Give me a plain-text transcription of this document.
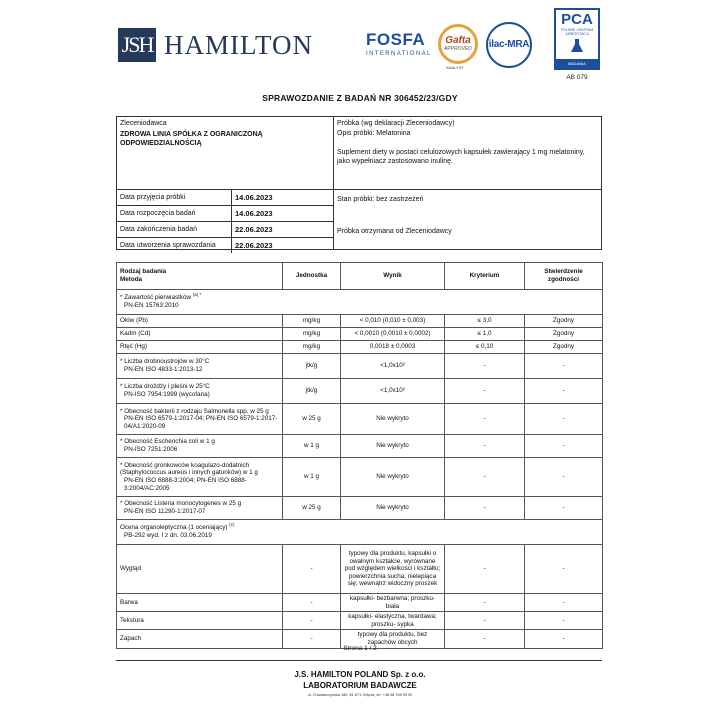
JSH HAMILTON	FOSFA
INTERNATIONAL
Gafta
APPROVED
ANALYST
ilac-MRA
PCA
POLSKIE CENTRUM AKREDYTACJI
BADANIA
AB 079
SPRAWOZDANIE Z BADAŃ NR 306452/23/GDY
Zleceniodawca
ZDROWA LINIA SPÓŁKA Z OGRANICZONĄ ODPOWIEDZIALNOŚCIĄ
Próbka (wg deklaracji Zleceniodawcy)
Opis próbki: Melatonina
Suplement diety w postaci celulozowych kapsułek zawierający 1 mg melatoniny, jako wypełniacz zastosowano inulinę.
Data przyjęcia próbki	14.06.2023
Data rozpoczęcia badań	14.06.2023
Data zakończenia badań	22.06.2023
Data utworzenia sprawozdania	22.06.2023
Stan próbki: bez zastrzeżeń
Próbka otrzymana od Zleceniodawcy
Rodzaj badania
Metoda	Jednostka	Wynik	Kryterium	Stwierdzenie zgodności
* Zawartość pierwiastków $^{(a) *}$
PN-EN 15763:2010				

Ołów (Pb)	mg/kg	< 0,010 (0,010 ± 0,003)	≤ 3,0	Zgodny
Kadm (Cd)	mg/kg	< 0,0010 (0,0010 ± 0,0002)	≤ 1,0	Zgodny
Rtęć (Hg)	mg/kg	0,0018 ± 0,0003	≤ 0,10	Zgodny

* Liczba drobnoustrojów w 30°C
PN-EN ISO 4833-1:2013-12	jtk/g	<1,0x10²	-	-

* Liczba drożdży i pleśni w 25°C
PN-ISO 7954:1999 (wycofana)	jtk/g	<1,0x10²	-	-

* Obecność bakterii z rodzaju Salmonella spp. w 25 g
PN-EN ISO 6579-1:2017-04; PN-EN ISO 6579-1:2017-04/A1:2020-09	w 25 g	Nie wykryto	-	-

* Obecność Escherichia coli w 1 g
PN-ISO 7251:2006	w 1 g	Nie wykryto	-	-

* Obecność gronkowców koagulazo-dodatnich (Staphylococcus aureus i innych gatunków) w 1 g
PN-EN ISO 6888-3:2004; PN-EN ISO 6888-3:2004/AC:2005	w 1 g	Nie wykryto	-	-

* Obecność Listeria monocytogenes w 25 g
PN-EN ISO 11290-1:2017-07	w 25 g	Nie wykryto	-	-
Ocena organoleptyczna (1 oceniający) $^{(c)}$
PB-292 wyd. I z dn. 03.06.2019				

Wygląd	-	typowy dla produktu, kapsułki o owalnym kształcie, wyrównane pod względem wielkości i kształtu; powierzchnia sucha, nielepiąca się; wewnątrz widoczny proszek	-	-
Barwa	-	kapsułki- bezbarwna; proszku- biała	-	-
Tekstura	-	kapsułki- elastyczna, twardawa; proszku- sypka	-	-
Zapach	-	typowy dla produktu, bez zapachów obcych	-	-
Strona 1 / 2
J.S. HAMILTON POLAND Sp. z o.o.
LABORATORIUM BADAWCZE
ul. Chwaszczyńska 180, 81-571 Gdynia, tel. +48 58 766 99 00
